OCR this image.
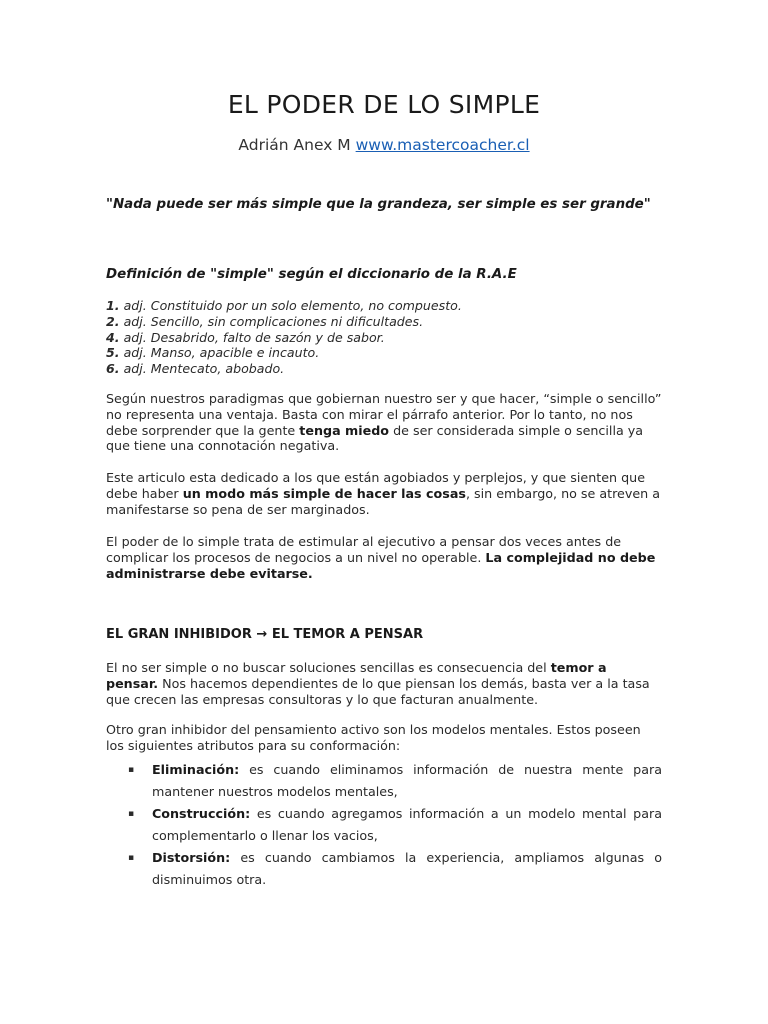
EL PODER DE LO SIMPLE
Adrián Anex M www.mastercoacher.cl
"Nada puede ser más simple que la grandeza, ser simple es ser grande"
Definición de "simple" según el diccionario de la R.A.E
1. adj. Constituido por un solo elemento, no compuesto.
2. adj. Sencillo, sin complicaciones ni dificultades.
4. adj. Desabrido, falto de sazón y de sabor.
5. adj. Manso, apacible e incauto.
6. adj. Mentecato, abobado.
Según nuestros paradigmas que gobiernan nuestro ser y que hacer, “simple o sencillo” no representa una ventaja. Basta con mirar el párrafo anterior. Por lo tanto, no nos debe sorprender que la gente tenga miedo de ser considerada simple o sencilla ya que tiene una connotación negativa.
Este articulo esta dedicado a los que están agobiados y perplejos, y que sienten que debe haber un modo más simple de hacer las cosas, sin embargo, no se atreven a manifestarse so pena de ser marginados.
El poder de lo simple trata de estimular al ejecutivo a pensar dos veces antes de complicar los procesos de negocios a un nivel no operable. La complejidad no debe administrarse debe evitarse.
EL GRAN INHIBIDOR → EL TEMOR A PENSAR
El no ser simple o no buscar soluciones sencillas es consecuencia del temor a pensar. Nos hacemos dependientes de lo que piensan los demás, basta ver a la tasa que crecen las empresas consultoras y lo que facturan anualmente.
Otro gran inhibidor del pensamiento activo son los modelos mentales. Estos poseen los siguientes atributos para su conformación:
▪ Eliminación: es cuando eliminamos información de nuestra mente para mantener nuestros modelos mentales,
▪ Construcción: es cuando agregamos información a un modelo mental para complementarlo o llenar los vacios,
▪ Distorsión: es cuando cambiamos la experiencia, ampliamos algunas o disminuimos otra.
